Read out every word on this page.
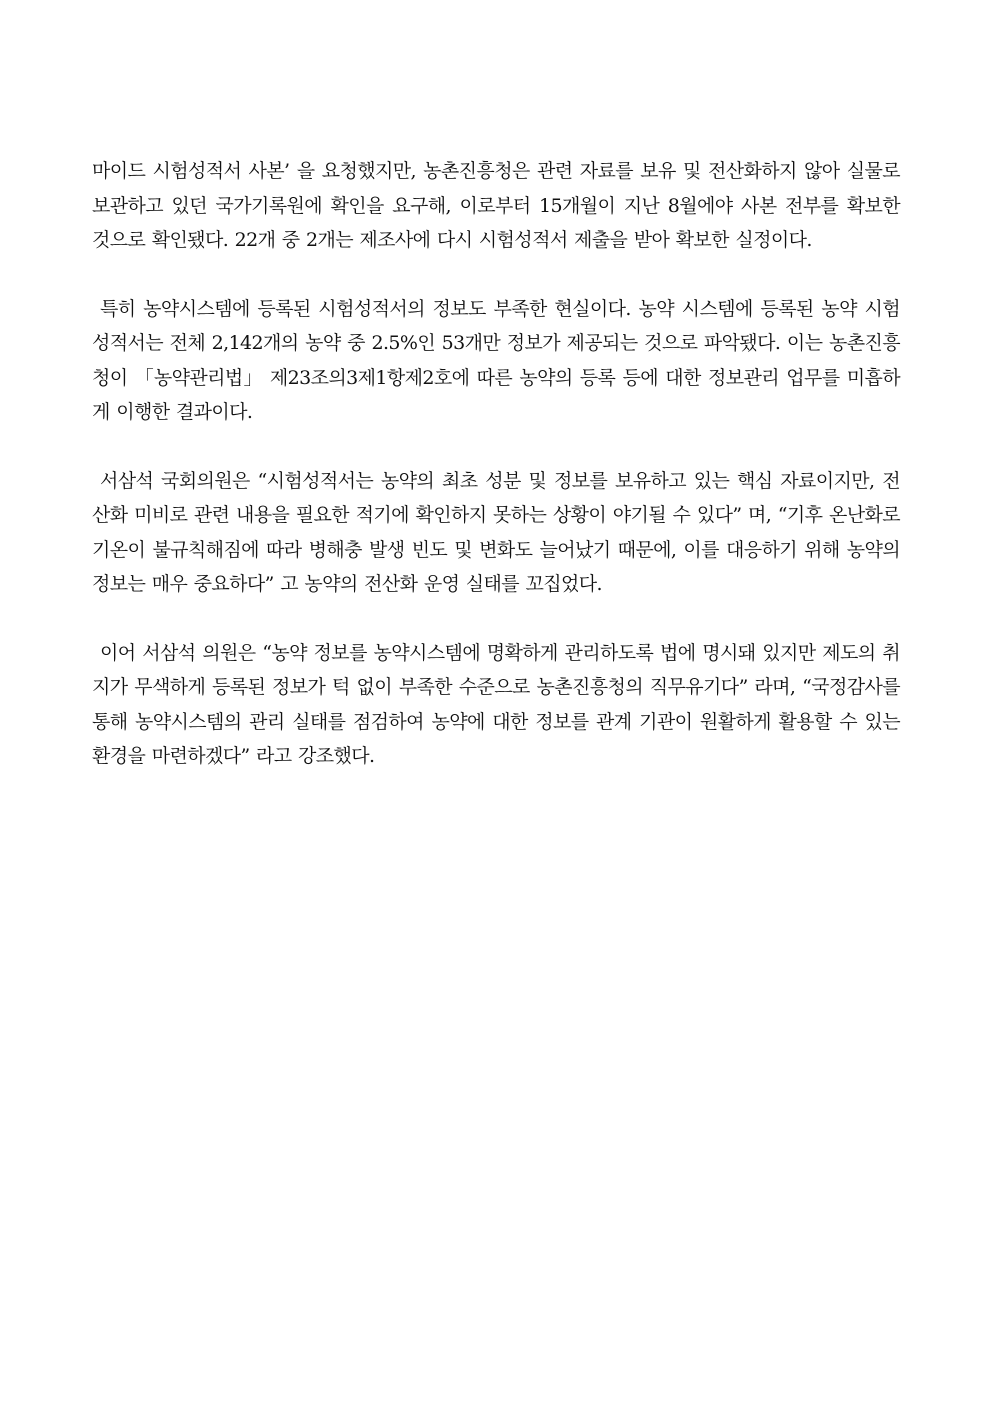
마이드 시험성적서 사본’ 을 요청했지만, 농촌진흥청은 관련 자료를 보유 및 전산화하지 않아 실물로 보관하고 있던 국가기록원에 확인을 요구해, 이로부터 15개월이 지난 8월에야 사본 전부를 확보한 것으로 확인됐다. 22개 중 2개는 제조사에 다시 시험성적서 제출을 받아 확보한 실정이다.

특히 농약시스템에 등록된 시험성적서의 정보도 부족한 현실이다. 농약 시스템에 등록된 농약 시험성적서는 전체 2,142개의 농약 중 2.5%인 53개만 정보가 제공되는 것으로 파악됐다. 이는 농촌진흥청이 「농약관리법」 제23조의3제1항제2호에 따른 농약의 등록 등에 대한 정보관리 업무를 미흡하게 이행한 결과이다.

서삼석 국회의원은 “시험성적서는 농약의 최초 성분 및 정보를 보유하고 있는 핵심 자료이지만, 전산화 미비로 관련 내용을 필요한 적기에 확인하지 못하는 상황이 야기될 수 있다” 며, “기후 온난화로 기온이 불규칙해짐에 따라 병해충 발생 빈도 및 변화도 늘어났기 때문에, 이를 대응하기 위해 농약의 정보는 매우 중요하다” 고 농약의 전산화 운영 실태를 꼬집었다.

이어 서삼석 의원은 “농약 정보를 농약시스템에 명확하게 관리하도록 법에 명시돼 있지만 제도의 취지가 무색하게 등록된 정보가 턱 없이 부족한 수준으로 농촌진흥청의 직무유기다” 라며, “국정감사를 통해 농약시스템의 관리 실태를 점검하여 농약에 대한 정보를 관계 기관이 원활하게 활용할 수 있는 환경을 마련하겠다” 라고 강조했다.
